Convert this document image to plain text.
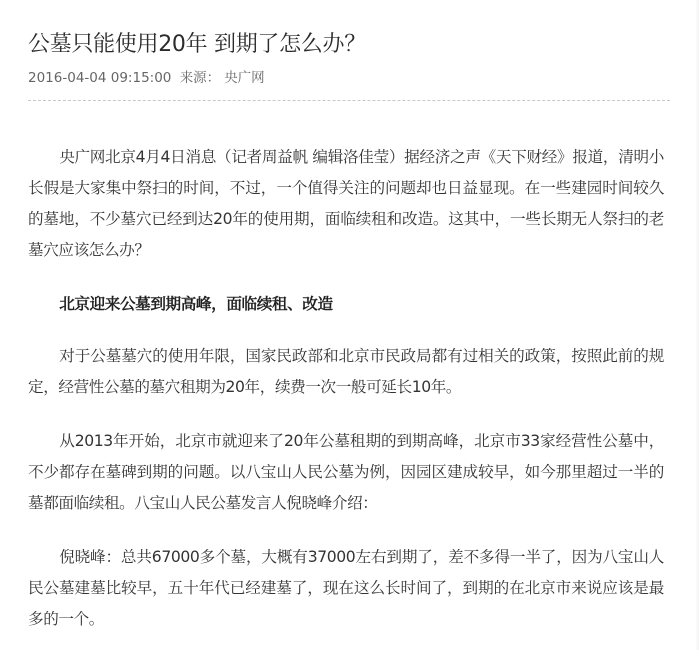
公墓只能使用20年 到期了怎么办？
2016-04-04 09:15:00 来源： 央广网

央广网北京4月4日消息（记者周益帆 编辑洛佳莹）据经济之声《天下财经》报道，清明小长假是大家集中祭扫的时间，不过，一个值得关注的问题却也日益显现。在一些建园时间较久的墓地，不少墓穴已经到达20年的使用期，面临续租和改造。这其中，一些长期无人祭扫的老墓穴应该怎么办？

北京迎来公墓到期高峰，面临续租、改造

对于公墓墓穴的使用年限，国家民政部和北京市民政局都有过相关的政策，按照此前的规定，经营性公墓的墓穴租期为20年，续费一次一般可延长10年。

从2013年开始，北京市就迎来了20年公墓租期的到期高峰，北京市33家经营性公墓中，不少都存在墓碑到期的问题。以八宝山人民公墓为例，因园区建成较早，如今那里超过一半的墓都面临续租。八宝山人民公墓发言人倪晓峰介绍：

倪晓峰：总共67000多个墓，大概有37000左右到期了，差不多得一半了，因为八宝山人民公墓建墓比较早，五十年代已经建墓了，现在这么长时间了，到期的在北京市来说应该是最多的一个。
